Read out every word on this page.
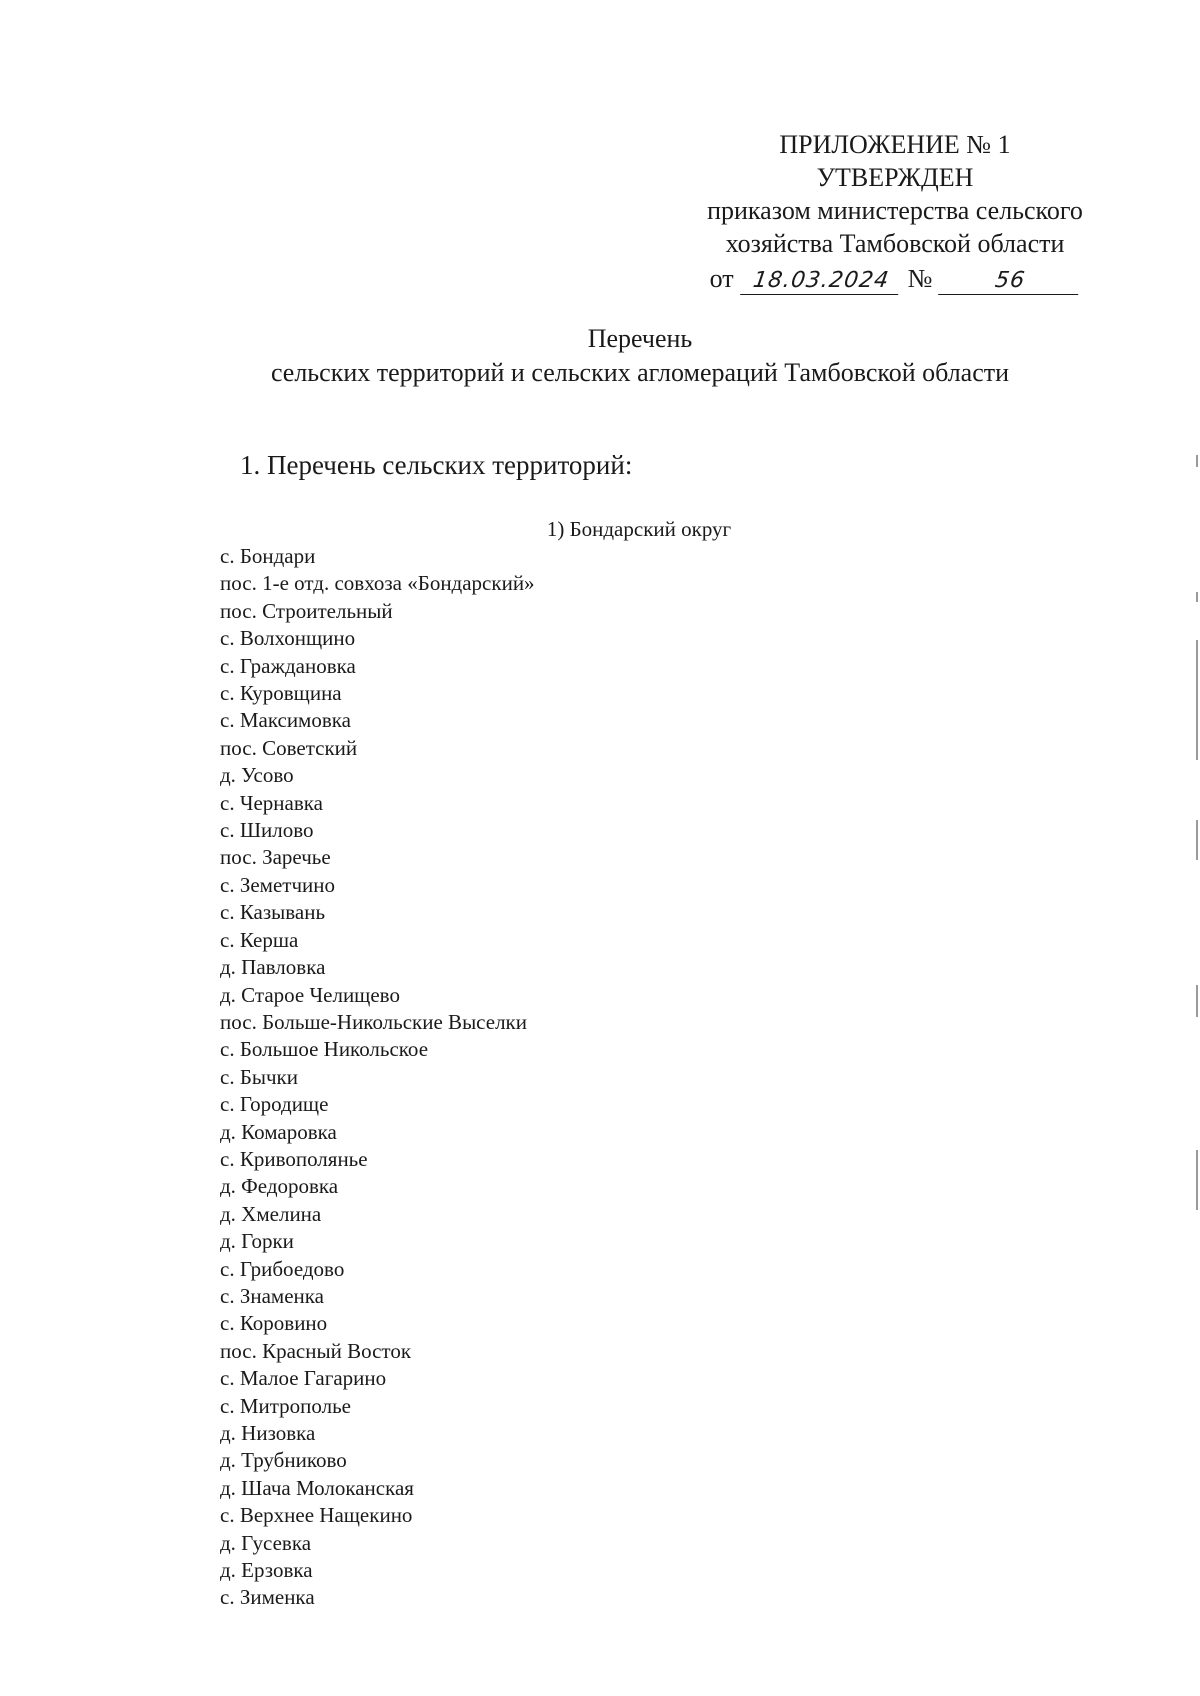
ПРИЛОЖЕНИЕ № 1
УТВЕРЖДЕН
приказом министерства сельского
хозяйства Тамбовской области
от 18.03.2024 №	56
Перечень
сельских территорий и сельских агломераций Тамбовской области
1. Перечень сельских территорий:
1) Бондарский округ
с. Бондари
пос. 1-е отд. совхоза «Бондарский»
пос. Строительный
с. Волхонщино
с. Граждановка
с. Куровщина
с. Максимовка
пос. Советский
д. Усово
с. Чернавка
с. Шилово
пос. Заречье
с. Земетчино
с. Казывань
с. Керша
д. Павловка
д. Старое Челищево
пос. Больше-Никольские Выселки
с. Большое Никольское
с. Бычки
с. Городище
д. Комаровка
с. Кривополянье
д. Федоровка
д. Хмелина
д. Горки
с. Грибоедово
с. Знаменка
с. Коровино
пос. Красный Восток
с. Малое Гагарино
с. Митрополье
д. Низовка
д. Трубниково
д. Шача Молоканская
с. Верхнее Нащекино
д. Гусевка
д. Ерзовка
с. Зименка
